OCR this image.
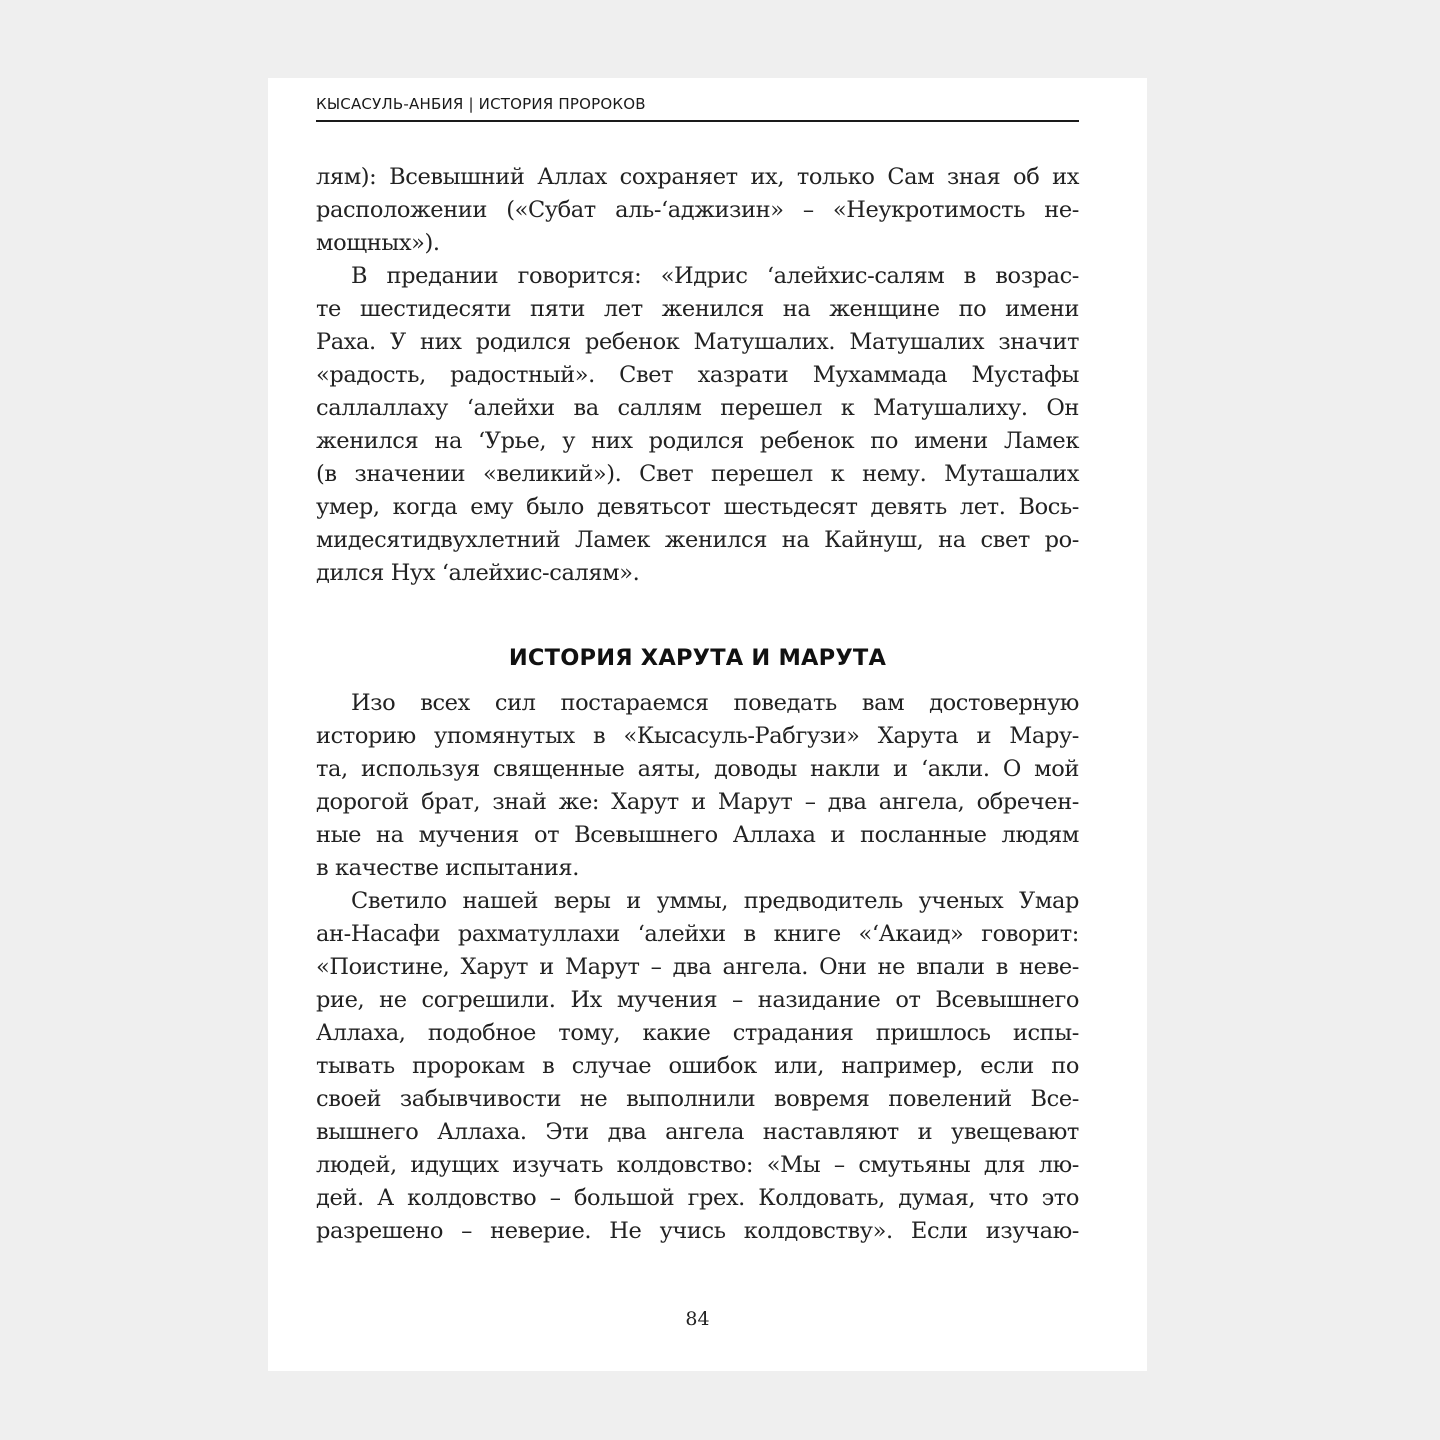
КЫСАСУЛЬ-АНБИЯ | ИСТОРИЯ ПРОРОКОВ
лям): Всевышний Аллах сохраняет их, только Сам зная об их
расположении («Субат аль-‘аджизин» – «Неукротимость не-
мощных»).
В предании говорится: «Идрис ‘алейхис-салям в возрас-
те шестидесяти пяти лет женился на женщине по имени
Раха. У них родился ребенок Матушалих. Матушалих значит
«радость, радостный». Свет хазрати Мухаммада Мустафы
саллаллаху ‘алейхи ва саллям перешел к Матушалиху. Он
женился на ‘Урье, у них родился ребенок по имени Ламек
(в значении «великий»). Свет перешел к нему. Муташалих
умер, когда ему было девятьсот шестьдесят девять лет. Вось-
мидесятидвухлетний Ламек женился на Кайнуш, на свет ро-
дился Нух ‘алейхис-салям».
ИСТОРИЯ ХАРУТА И МАРУТА
Изо всех сил постараемся поведать вам достоверную
историю упомянутых в «Кысасуль-Рабгузи» Харута и Мару-
та, используя священные аяты, доводы накли и ‘акли. О мой
дорогой брат, знай же: Харут и Марут – два ангела, обречен-
ные на мучения от Всевышнего Аллаха и посланные людям
в качестве испытания.
Светило нашей веры и уммы, предводитель ученых Умар
ан-Насафи рахматуллахи ‘алейхи в книге «‘Акаид» говорит:
«Поистине, Харут и Марут – два ангела. Они не впали в неве-
рие, не согрешили. Их мучения – назидание от Всевышнего
Аллаха, подобное тому, какие страдания пришлось испы-
тывать пророкам в случае ошибок или, например, если по
своей забывчивости не выполнили вовремя повелений Все-
вышнего Аллаха. Эти два ангела наставляют и увещевают
людей, идущих изучать колдовство: «Мы – смутьяны для лю-
дей. А колдовство – большой грех. Колдовать, думая, что это
разрешено – неверие. Не учись колдовству». Если изучаю-
84
